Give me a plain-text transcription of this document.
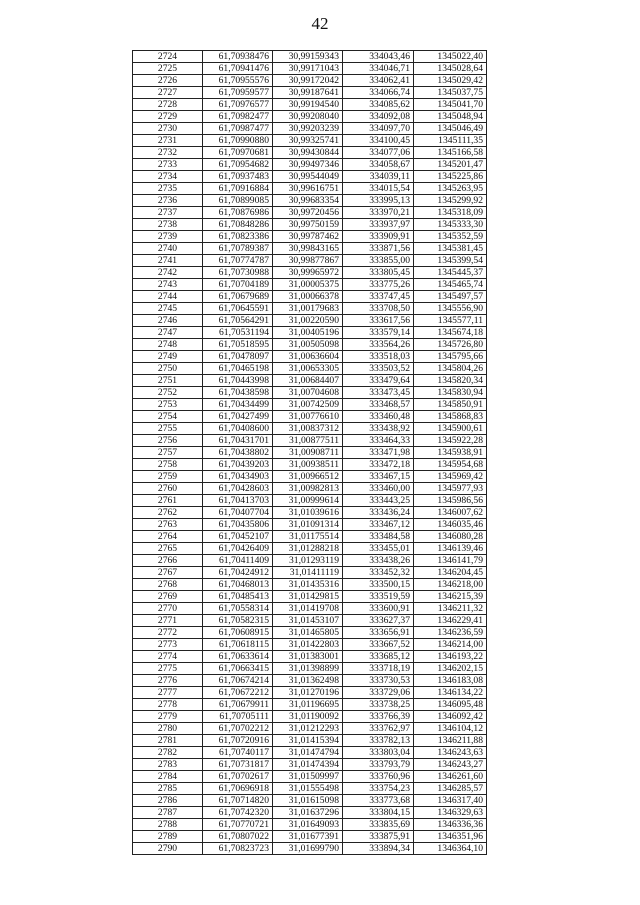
42
2724	61,70938476	30,99159343	334043,46	1345022,40
2725	61,70941476	30,99171043	334046,71	1345028,64
2726	61,70955576	30,99172042	334062,41	1345029,42
2727	61,70959577	30,99187641	334066,74	1345037,75
2728	61,70976577	30,99194540	334085,62	1345041,70
2729	61,70982477	30,99208040	334092,08	1345048,94
2730	61,70987477	30,99203239	334097,70	1345046,49
2731	61,70990880	30,99325741	334100,45	1345111,35
2732	61,70970681	30,99430844	334077,06	1345166,58
2733	61,70954682	30,99497346	334058,67	1345201,47
2734	61,70937483	30,99544049	334039,11	1345225,86
2735	61,70916884	30,99616751	334015,54	1345263,95
2736	61,70899085	30,99683354	333995,13	1345299,92
2737	61,70876986	30,99720456	333970,21	1345318,09
2738	61,70848286	30,99750159	333937,97	1345333,30
2739	61,70823386	30,99787462	333909,91	1345352,59
2740	61,70789387	30,99843165	333871,56	1345381,45
2741	61,70774787	30,99877867	333855,00	1345399,54
2742	61,70730988	30,99965972	333805,45	1345445,37
2743	61,70704189	31,00005375	333775,26	1345465,74
2744	61,70679689	31,00066378	333747,45	1345497,57
2745	61,70645591	31,00179683	333708,50	1345556,90
2746	61,70564291	31,00220590	333617,56	1345577,11
2747	61,70531194	31,00405196	333579,14	1345674,18
2748	61,70518595	31,00505098	333564,26	1345726,80
2749	61,70478097	31,00636604	333518,03	1345795,66
2750	61,70465198	31,00653305	333503,52	1345804,26
2751	61,70443998	31,00684407	333479,64	1345820,34
2752	61,70438598	31,00704608	333473,45	1345830,94
2753	61,70434499	31,00742509	333468,57	1345850,91
2754	61,70427499	31,00776610	333460,48	1345868,83
2755	61,70408600	31,00837312	333438,92	1345900,61
2756	61,70431701	31,00877511	333464,33	1345922,28
2757	61,70438802	31,00908711	333471,98	1345938,91
2758	61,70439203	31,00938511	333472,18	1345954,68
2759	61,70434903	31,00966512	333467,15	1345969,42
2760	61,70428603	31,00982813	333460,00	1345977,93
2761	61,70413703	31,00999614	333443,25	1345986,56
2762	61,70407704	31,01039616	333436,24	1346007,62
2763	61,70435806	31,01091314	333467,12	1346035,46
2764	61,70452107	31,01175514	333484,58	1346080,28
2765	61,70426409	31,01288218	333455,01	1346139,46
2766	61,70411409	31,01293119	333438,26	1346141,79
2767	61,70424912	31,01411119	333452,32	1346204,45
2768	61,70468013	31,01435316	333500,15	1346218,00
2769	61,70485413	31,01429815	333519,59	1346215,39
2770	61,70558314	31,01419708	333600,91	1346211,32
2771	61,70582315	31,01453107	333627,37	1346229,41
2772	61,70608915	31,01465805	333656,91	1346236,59
2773	61,70618115	31,01422803	333667,52	1346214,00
2774	61,70633614	31,01383001	333685,12	1346193,22
2775	61,70663415	31,01398899	333718,19	1346202,15
2776	61,70674214	31,01362498	333730,53	1346183,08
2777	61,70672212	31,01270196	333729,06	1346134,22
2778	61,70679911	31,01196695	333738,25	1346095,48
2779	61,70705111	31,01190092	333766,39	1346092,42
2780	61,70702212	31,01212293	333762,97	1346104,12
2781	61,70720916	31,01415394	333782,13	1346211,88
2782	61,70740117	31,01474794	333803,04	1346243,63
2783	61,70731817	31,01474394	333793,79	1346243,27
2784	61,70702617	31,01509997	333760,96	1346261,60
2785	61,70696918	31,01555498	333754,23	1346285,57
2786	61,70714820	31,01615098	333773,68	1346317,40
2787	61,70742320	31,01637296	333804,15	1346329,63
2788	61,70770721	31,01649093	333835,69	1346336,36
2789	61,70807022	31,01677391	333875,91	1346351,96
2790	61,70823723	31,01699790	333894,34	1346364,10
